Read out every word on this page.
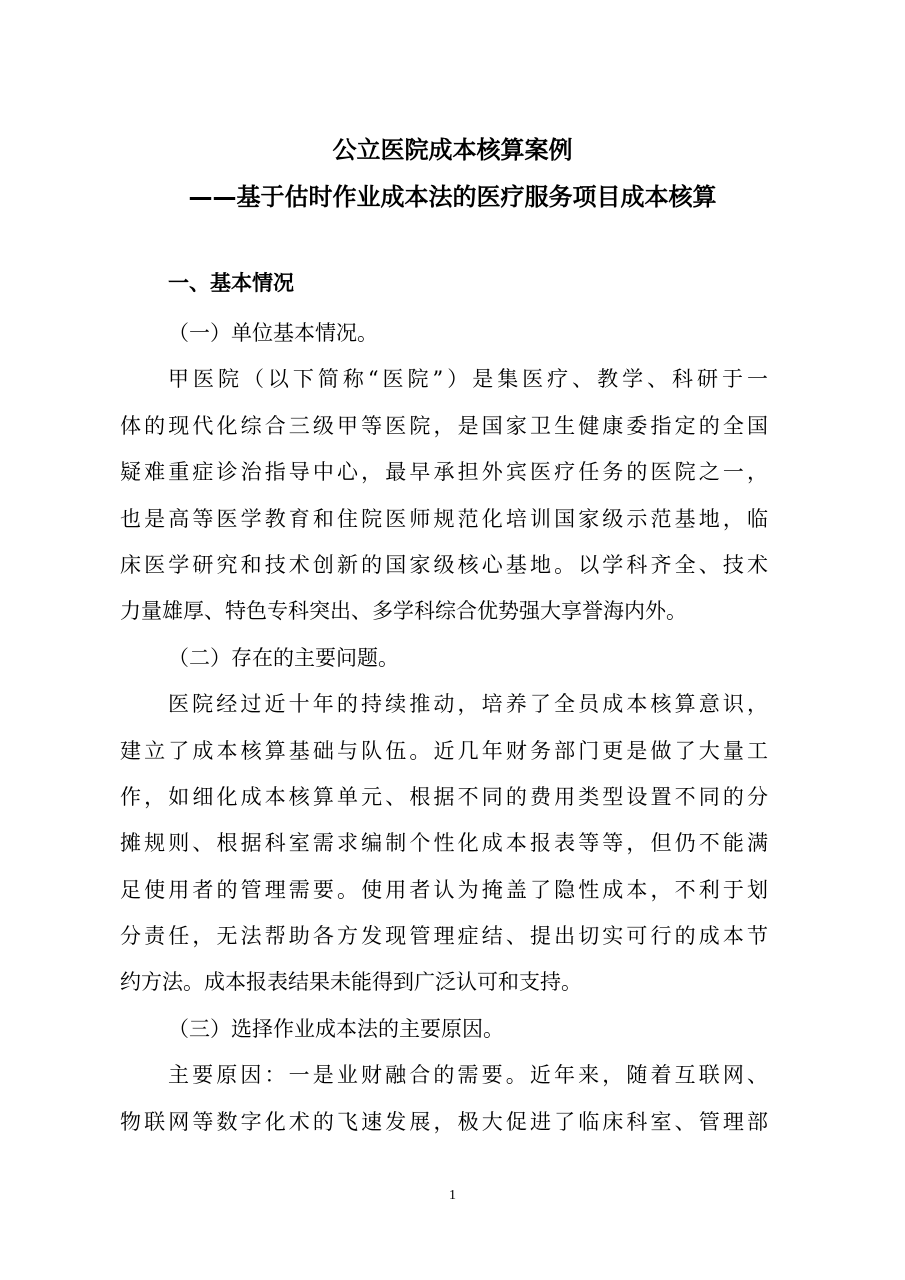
公立医院成本核算案例
——基于估时作业成本法的医疗服务项目成本核算
一、基本情况
（一）单位基本情况。
甲医院（以下简称“医院”）是集医疗、教学、科研于一
体的现代化综合三级甲等医院，是国家卫生健康委指定的全国
疑难重症诊治指导中心，最早承担外宾医疗任务的医院之一，
也是高等医学教育和住院医师规范化培训国家级示范基地，临
床医学研究和技术创新的国家级核心基地。以学科齐全、技术
力量雄厚、特色专科突出、多学科综合优势强大享誉海内外。
（二）存在的主要问题。
医院经过近十年的持续推动，培养了全员成本核算意识，
建立了成本核算基础与队伍。近几年财务部门更是做了大量工
作，如细化成本核算单元、根据不同的费用类型设置不同的分
摊规则、根据科室需求编制个性化成本报表等等，但仍不能满
足使用者的管理需要。使用者认为掩盖了隐性成本，不利于划
分责任，无法帮助各方发现管理症结、提出切实可行的成本节
约方法。成本报表结果未能得到广泛认可和支持。
（三）选择作业成本法的主要原因。
主要原因：一是业财融合的需要。近年来，随着互联网、
物联网等数字化术的飞速发展，极大促进了临床科室、管理部
1
